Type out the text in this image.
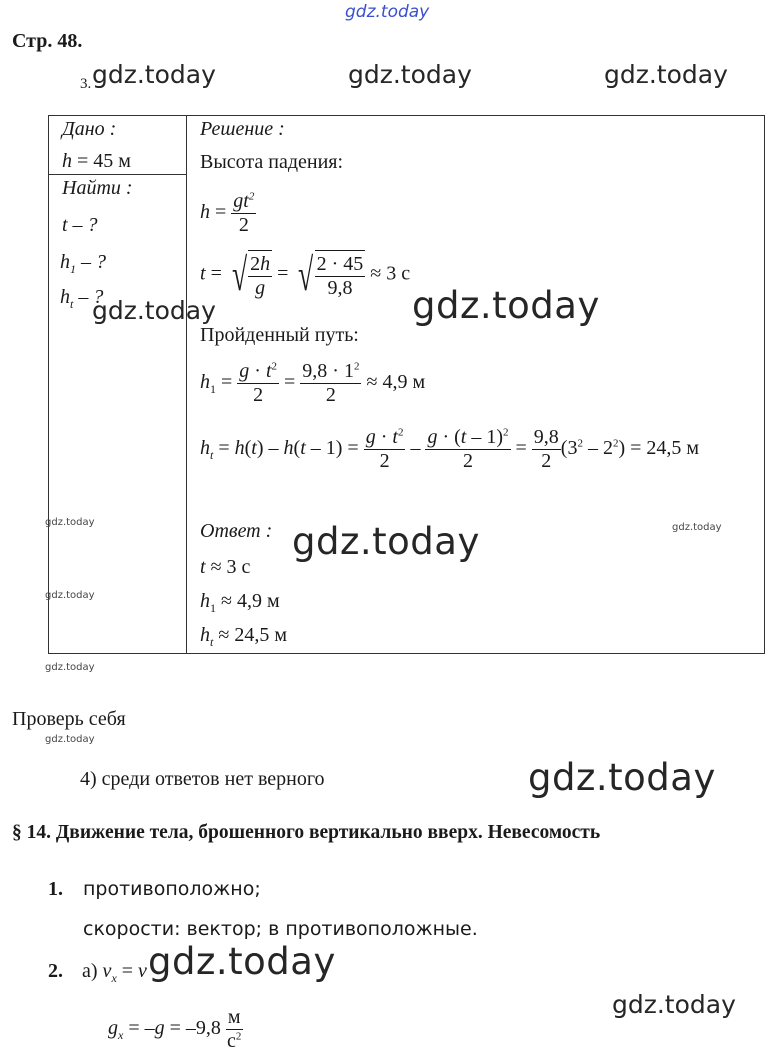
gdz.today
Стр. 48.
3. gdz.today	gdz.today	gdz.today
Дано :
h = 45 м
Найти :
t – ?
$h_1$ – ?
$h_t$ – ?
gdz.today
Решение :
Высота падения:
$h = \frac{gt^2}{2}$
t = √ $\frac{2h}{g}$ = √ $\frac{2 \cdot 45}{9,8} \approx 3$ с
gdz.today
Пройденный путь:
$h_1 = \frac{g \cdot t^2}{2} = \frac{9,8 \cdot 1^2}{2} \approx 4,9$ м
$h_t = h(t) - h(t - 1) = \frac{g \cdot t^2}{2} - \frac{g \cdot (t - 1)^2}{2} = \frac{9,8}{2} (3^2 - 2^2) = 24,5$ м
Ответ : gdz.today	gdz.today
gdz.today
t ≈ 3 с
gdz.today	$h_1 \approx 4,9$ м
$h_t \approx 24,5$ м
gdz.today
Проверь себя
gdz.today
4) среди ответов нет верного	gdz.today
§ 14. Движение тела, брошенного вертикально вверх. Невесомость
1. противоположно;
скорости: вектор; в противоположные.
2. а) $v_x = v$ gdz.today
gdz.today
$g_x = -g = -9,8 \frac{м}{с^2}$
